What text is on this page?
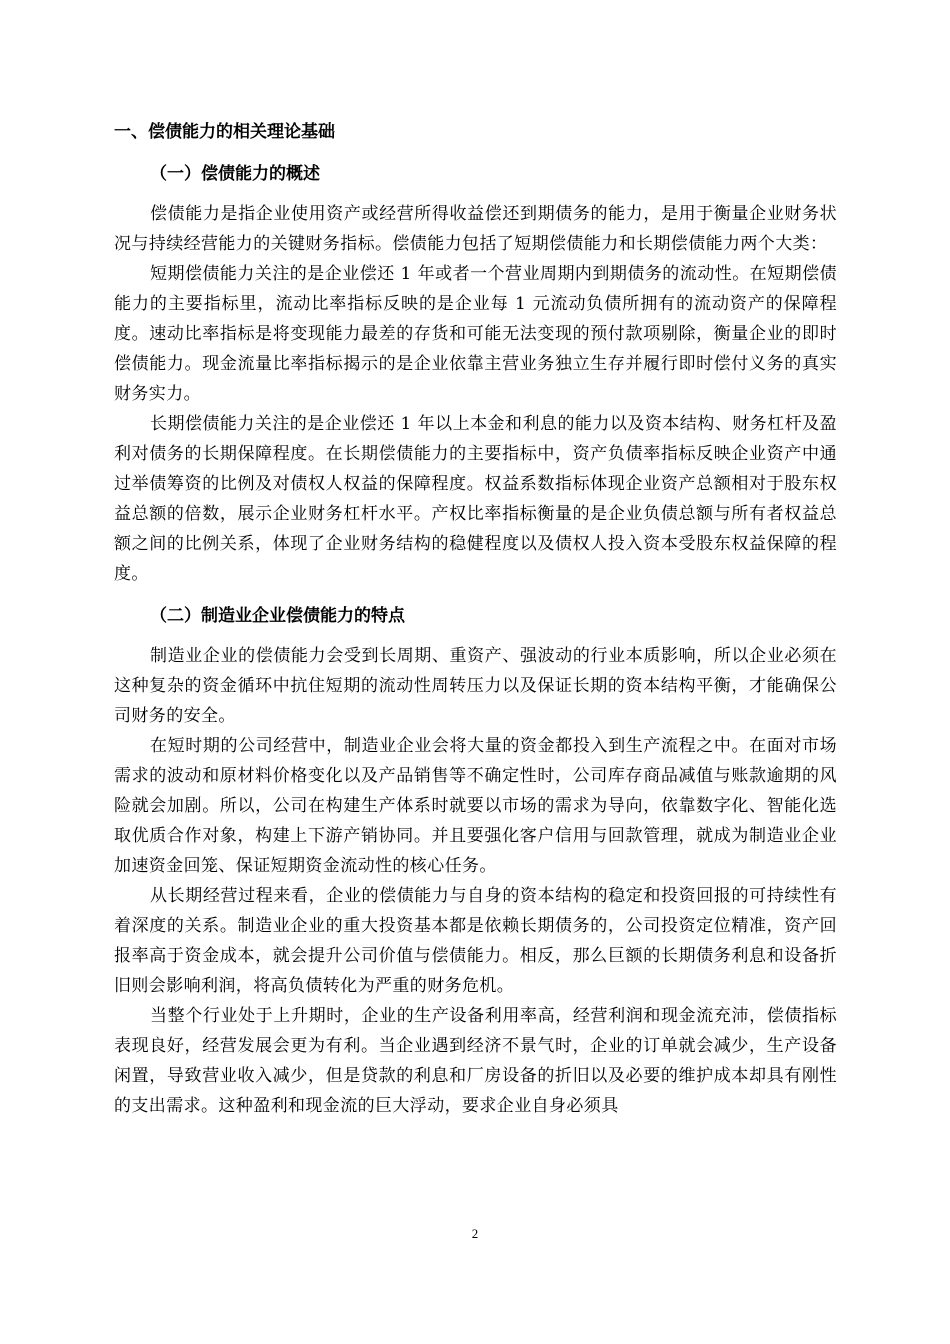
一、偿债能力的相关理论基础
（一）偿债能力的概述

偿债能力是指企业使用资产或经营所得收益偿还到期债务的能力，是用于衡量企业财务状况与持续经营能力的关键财务指标。偿债能力包括了短期偿债能力和长期偿债能力两个大类：

短期偿债能力关注的是企业偿还 1 年或者一个营业周期内到期债务的流动性。在短期偿债能力的主要指标里，流动比率指标反映的是企业每 1 元流动负债所拥有的流动资产的保障程度。速动比率指标是将变现能力最差的存货和可能无法变现的预付款项剔除，衡量企业的即时偿债能力。现金流量比率指标揭示的是企业依靠主营业务独立生存并履行即时偿付义务的真实财务实力。

长期偿债能力关注的是企业偿还 1 年以上本金和利息的能力以及资本结构、财务杠杆及盈利对债务的长期保障程度。在长期偿债能力的主要指标中，资产负债率指标反映企业资产中通过举债筹资的比例及对债权人权益的保障程度。权益系数指标体现企业资产总额相对于股东权益总额的倍数，展示企业财务杠杆水平。产权比率指标衡量的是企业负债总额与所有者权益总额之间的比例关系，体现了企业财务结构的稳健程度以及债权人投入资本受股东权益保障的程度。

（二）制造业企业偿债能力的特点

制造业企业的偿债能力会受到长周期、重资产、强波动的行业本质影响，所以企业必须在这种复杂的资金循环中抗住短期的流动性周转压力以及保证长期的资本结构平衡，才能确保公司财务的安全。

在短时期的公司经营中，制造业企业会将大量的资金都投入到生产流程之中。在面对市场需求的波动和原材料价格变化以及产品销售等不确定性时，公司库存商品减值与账款逾期的风险就会加剧。所以，公司在构建生产体系时就要以市场的需求为导向，依靠数字化、智能化选取优质合作对象，构建上下游产销协同。并且要强化客户信用与回款管理，就成为制造业企业加速资金回笼、保证短期资金流动性的核心任务。

从长期经营过程来看，企业的偿债能力与自身的资本结构的稳定和投资回报的可持续性有着深度的关系。制造业企业的重大投资基本都是依赖长期债务的，公司投资定位精准，资产回报率高于资金成本，就会提升公司价值与偿债能力。相反，那么巨额的长期债务利息和设备折旧则会影响利润，将高负债转化为严重的财务危机。

当整个行业处于上升期时，企业的生产设备利用率高，经营利润和现金流充沛，偿债指标表现良好，经营发展会更为有利。当企业遇到经济不景气时，企业的订单就会减少，生产设备闲置，导致营业收入减少，但是贷款的利息和厂房设备的折旧以及必要的维护成本却具有刚性的支出需求。这种盈利和现金流的巨大浮动，要求企业自身必须具

2
